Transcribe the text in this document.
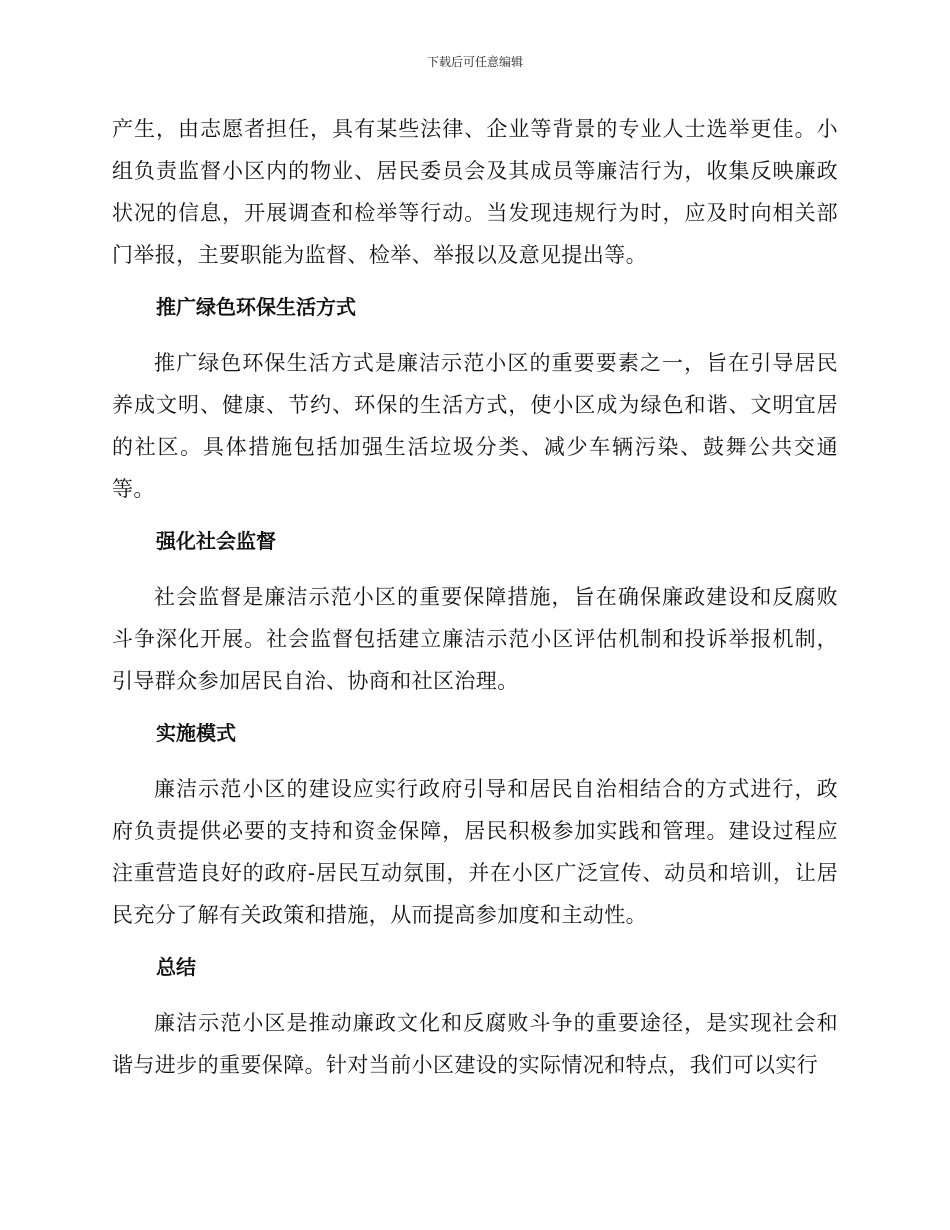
下载后可任意编辑

产生，由志愿者担任，具有某些法律、企业等背景的专业人士选举更佳。小组负责监督小区内的物业、居民委员会及其成员等廉洁行为，收集反映廉政状况的信息，开展调查和检举等行动。当发现违规行为时，应及时向相关部门举报，主要职能为监督、检举、举报以及意见提出等。

推广绿色环保生活方式

推广绿色环保生活方式是廉洁示范小区的重要要素之一，旨在引导居民养成文明、健康、节约、环保的生活方式，使小区成为绿色和谐、文明宜居的社区。具体措施包括加强生活垃圾分类、减少车辆污染、鼓舞公共交通等。

强化社会监督

社会监督是廉洁示范小区的重要保障措施，旨在确保廉政建设和反腐败斗争深化开展。社会监督包括建立廉洁示范小区评估机制和投诉举报机制，引导群众参加居民自治、协商和社区治理。

实施模式

廉洁示范小区的建设应实行政府引导和居民自治相结合的方式进行，政府负责提供必要的支持和资金保障，居民积极参加实践和管理。建设过程应注重营造良好的政府-居民互动氛围，并在小区广泛宣传、动员和培训，让居民充分了解有关政策和措施，从而提高参加度和主动性。

总结

廉洁示范小区是推动廉政文化和反腐败斗争的重要途径，是实现社会和谐与进步的重要保障。针对当前小区建设的实际情况和特点，我们可以实行
